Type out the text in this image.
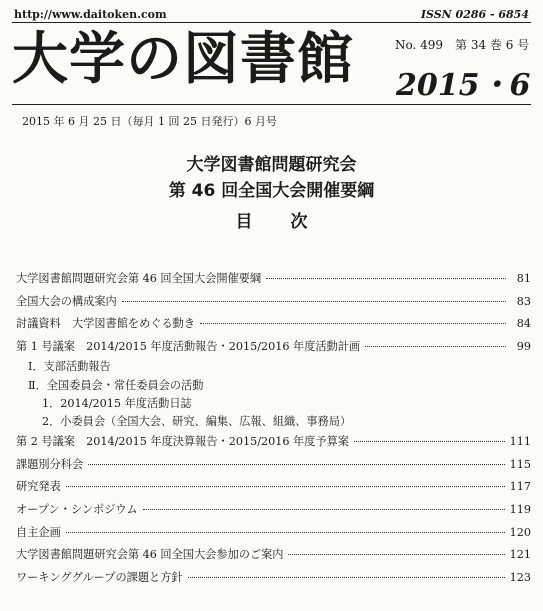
http://www.daitoken.com	ISSN 0286 - 6854
大学の図書館	No. 499　第 34 巻 6 号
2015・6
2015 年 6 月 25 日（毎月 1 回 25 日発行）6 月号
大学図書館問題研究会
第 46 回全国大会開催要綱
目次
大学図書館問題研究会第 46 回全国大会開催要綱	81
全国大会の構成案内	83
討議資料　大学図書館をめぐる動き	84
第 1 号議案　2014/2015 年度活動報告・2015/2016 年度活動計画	99
Ⅰ．支部活動報告
Ⅱ．全国委員会・常任委員会の活動
1．2014/2015 年度活動日誌
2．小委員会（全国大会、研究、編集、広報、組織、事務局）
第 2 号議案　2014/2015 年度決算報告・2015/2016 年度予算案	111
課題別分科会	115
研究発表	117
オープン・シンポジウム	119
自主企画	120
大学図書館問題研究会第 46 回全国大会参加のご案内	121
ワーキンググループの課題と方針	123
